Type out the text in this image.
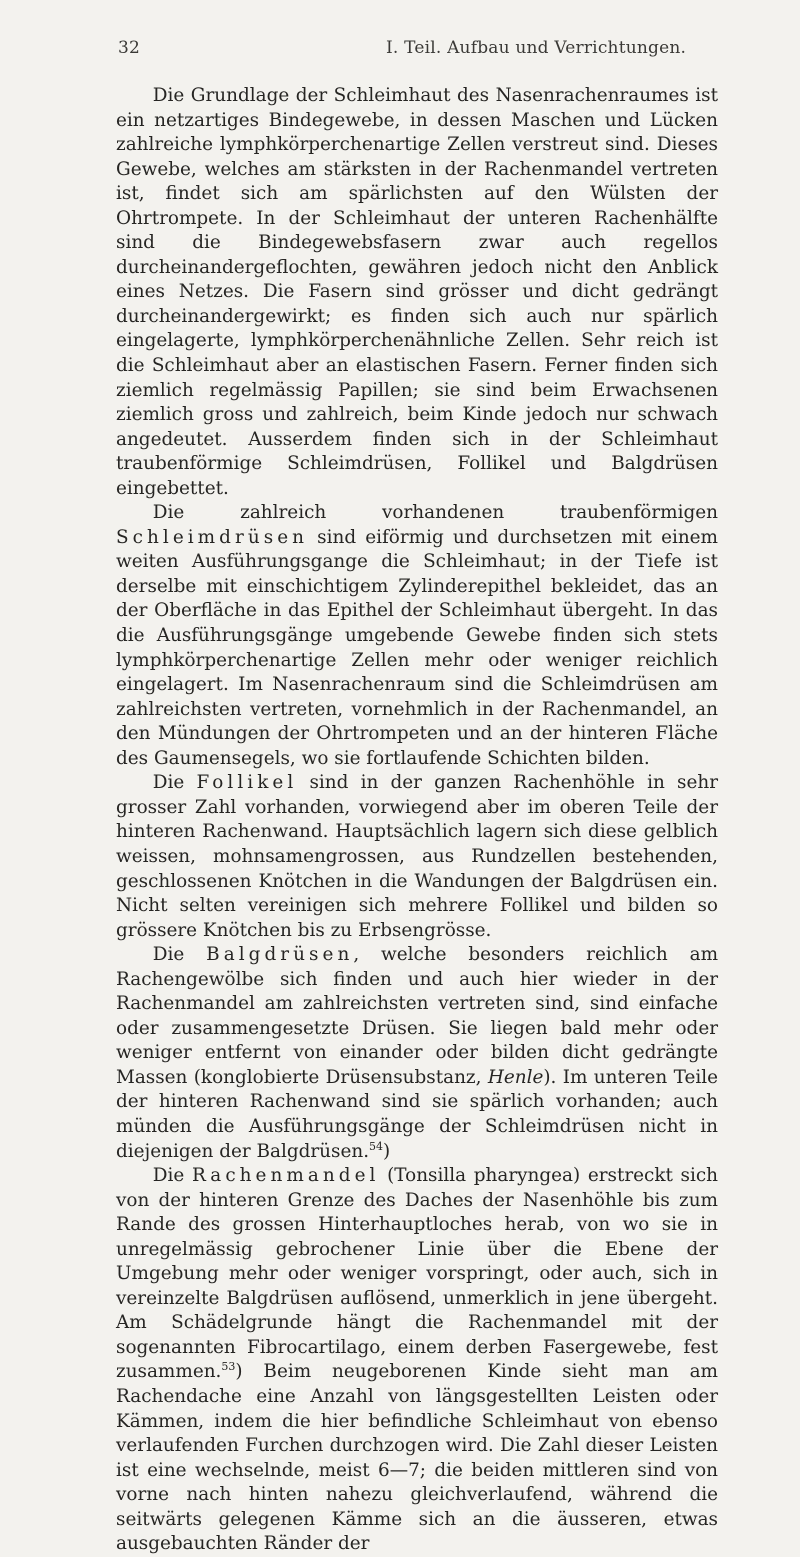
32	I. Teil. Aufbau und Verrichtungen.

Die Grundlage der Schleimhaut des Nasenrachenraumes ist ein netzartiges Bindegewebe, in dessen Maschen und Lücken zahlreiche lymphkörperchenartige Zellen verstreut sind. Dieses Gewebe, welches am stärksten in der Rachenmandel vertreten ist, findet sich am spärlichsten auf den Wülsten der Ohrtrompete. In der Schleimhaut der unteren Rachenhälfte sind die Bindegewebsfasern zwar auch regellos durcheinandergeflochten, gewähren jedoch nicht den Anblick eines Netzes. Die Fasern sind grösser und dicht gedrängt durcheinandergewirkt; es finden sich auch nur spärlich eingelagerte, lymphkörperchenähnliche Zellen. Sehr reich ist die Schleimhaut aber an elastischen Fasern. Ferner finden sich ziemlich regelmässig Papillen; sie sind beim Erwachsenen ziemlich gross und zahlreich, beim Kinde jedoch nur schwach angedeutet. Ausserdem finden sich in der Schleimhaut traubenförmige Schleimdrüsen, Follikel und Balgdrüsen eingebettet.

Die zahlreich vorhandenen traubenförmigen Schleimdrüsen sind eiförmig und durchsetzen mit einem weiten Ausführungsgange die Schleimhaut; in der Tiefe ist derselbe mit einschichtigem Zylinderepithel bekleidet, das an der Oberfläche in das Epithel der Schleimhaut übergeht. In das die Ausführungsgänge umgebende Gewebe finden sich stets lymphkörperchenartige Zellen mehr oder weniger reichlich eingelagert. Im Nasenrachenraum sind die Schleimdrüsen am zahlreichsten vertreten, vornehmlich in der Rachenmandel, an den Mündungen der Ohrtrompeten und an der hinteren Fläche des Gaumensegels, wo sie fortlaufende Schichten bilden.

Die Follikel sind in der ganzen Rachenhöhle in sehr grosser Zahl vorhanden, vorwiegend aber im oberen Teile der hinteren Rachenwand. Hauptsächlich lagern sich diese gelblich weissen, mohnsamengrossen, aus Rundzellen bestehenden, geschlossenen Knötchen in die Wandungen der Balgdrüsen ein. Nicht selten vereinigen sich mehrere Follikel und bilden so grössere Knötchen bis zu Erbsengrösse.

Die Balgdrüsen, welche besonders reichlich am Rachengewölbe sich finden und auch hier wieder in der Rachenmandel am zahlreichsten vertreten sind, sind einfache oder zusammengesetzte Drüsen. Sie liegen bald mehr oder weniger entfernt von einander oder bilden dicht gedrängte Massen (konglobierte Drüsensubstanz, Henle). Im unteren Teile der hinteren Rachenwand sind sie spärlich vorhanden; auch münden die Ausführungsgänge der Schleimdrüsen nicht in diejenigen der Balgdrüsen.$^{54}$)

Die Rachenmandel (Tonsilla pharyngea) erstreckt sich von der hinteren Grenze des Daches der Nasenhöhle bis zum Rande des grossen Hinterhauptloches herab, von wo sie in unregelmässig gebrochener Linie über die Ebene der Umgebung mehr oder weniger vorspringt, oder auch, sich in vereinzelte Balgdrüsen auflösend, unmerklich in jene übergeht. Am Schädelgrunde hängt die Rachenmandel mit der sogenannten Fibrocartilago, einem derben Fasergewebe, fest zusammen.$^{53}$) Beim neugeborenen Kinde sieht man am Rachendache eine Anzahl von längsgestellten Leisten oder Kämmen, indem die hier befindliche Schleimhaut von ebenso verlaufenden Furchen durchzogen wird. Die Zahl dieser Leisten ist eine wechselnde, meist 6—7; die beiden mittleren sind von vorne nach hinten nahezu gleichverlaufend, während die seitwärts gelegenen Kämme sich an die äusseren, etwas ausgebauchten Ränder der
